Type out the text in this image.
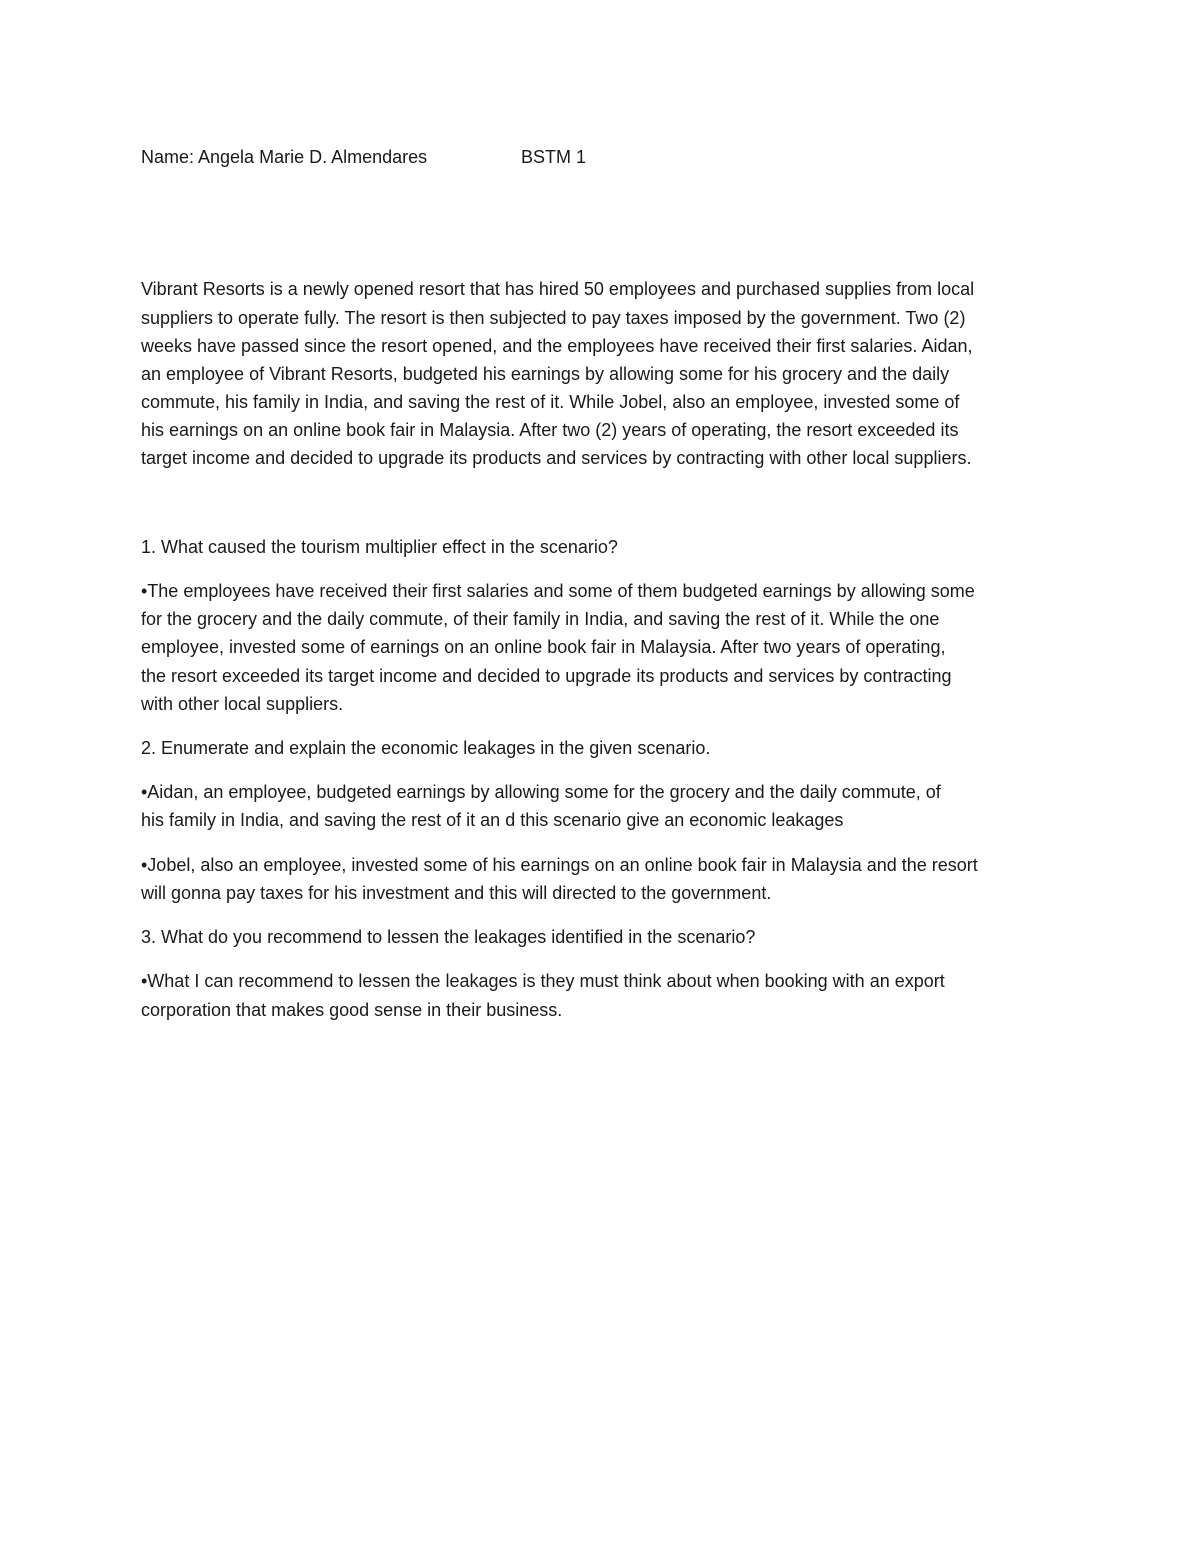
Name: Angela Marie D. Almendares	BSTM 1

Vibrant Resorts is a newly opened resort that has hired 50 employees and purchased supplies from local

suppliers to operate fully. The resort is then subjected to pay taxes imposed by the government. Two (2)

weeks have passed since the resort opened, and the employees have received their first salaries. Aidan,

an employee of Vibrant Resorts, budgeted his earnings by allowing some for his grocery and the daily

commute, his family in India, and saving the rest of it. While Jobel, also an employee, invested some of

his earnings on an online book fair in Malaysia. After two (2) years of operating, the resort exceeded its

target income and decided to upgrade its products and services by contracting with other local suppliers.

1. What caused the tourism multiplier effect in the scenario?

•The employees have received their first salaries and some of them budgeted earnings by allowing some

for the grocery and the daily commute, of their family in India, and saving the rest of it. While the one

employee, invested some of earnings on an online book fair in Malaysia. After two years of operating,

the resort exceeded its target income and decided to upgrade its products and services by contracting

with other local suppliers.

2. Enumerate and explain the economic leakages in the given scenario.

•Aidan, an employee, budgeted earnings by allowing some for the grocery and the daily commute, of

his family in India, and saving the rest of it an d this scenario give an economic leakages

•Jobel, also an employee, invested some of his earnings on an online book fair in Malaysia and the resort

will gonna pay taxes for his investment and this will directed to the government.

3. What do you recommend to lessen the leakages identified in the scenario?

•What I can recommend to lessen the leakages is they must think about when booking with an export

corporation that makes good sense in their business.
